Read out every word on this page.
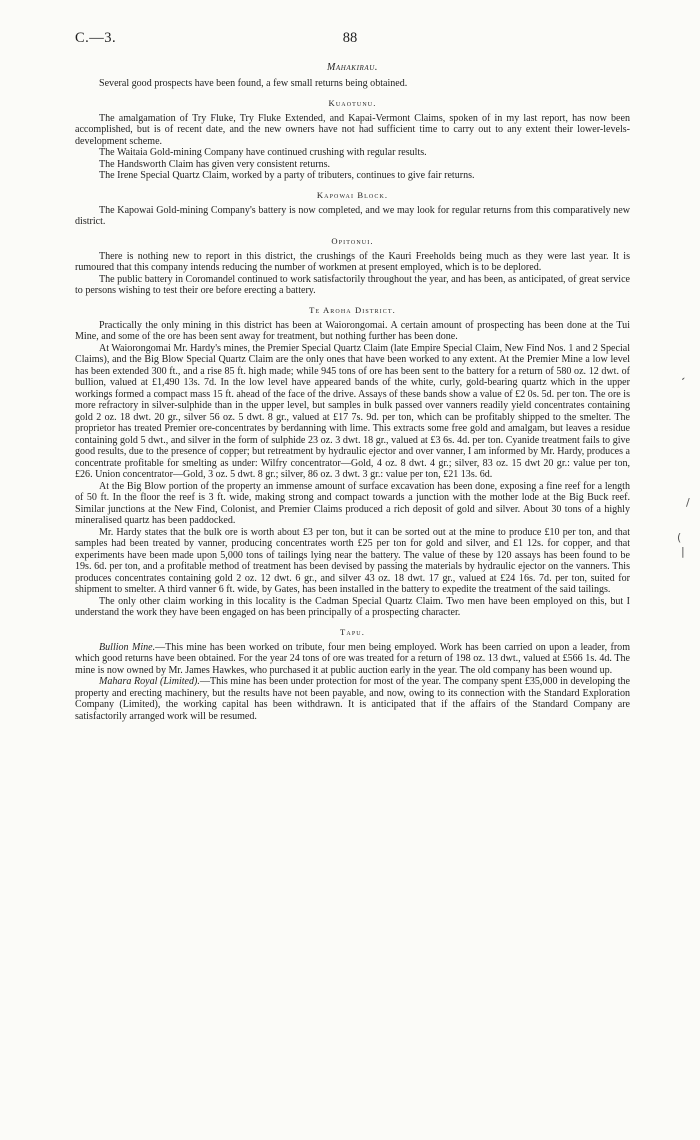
C.—3.	88
Mahakirau.

Several good prospects have been found, a few small returns being obtained.

Kuaotunu.

The amalgamation of Try Fluke, Try Fluke Extended, and Kapai-Vermont Claims, spoken of in my last report, has now been accomplished, but is of recent date, and the new owners have not had sufficient time to carry out to any extent their lower-levels-development scheme.

The Waitaia Gold-mining Company have continued crushing with regular results.

The Handsworth Claim has given very consistent returns.

The Irene Special Quartz Claim, worked by a party of tributers, continues to give fair returns.

Kapowai Block.

The Kapowai Gold-mining Company's battery is now completed, and we may look for regular returns from this comparatively new district.

Opitonui.

There is nothing new to report in this district, the crushings of the Kauri Freeholds being much as they were last year. It is rumoured that this company intends reducing the number of workmen at present employed, which is to be deplored.

The public battery in Coromandel continued to work satisfactorily throughout the year, and has been, as anticipated, of great service to persons wishing to test their ore before erecting a battery.

Te Aroha District.

Practically the only mining in this district has been at Waiorongomai. A certain amount of prospecting has been done at the Tui Mine, and some of the ore has been sent away for treatment, but nothing further has been done.

At Waiorongomai Mr. Hardy's mines, the Premier Special Quartz Claim (late Empire Special Claim, New Find Nos. 1 and 2 Special Claims), and the Big Blow Special Quartz Claim are the only ones that have been worked to any extent. At the Premier Mine a low level has been extended 300 ft., and a rise 85 ft. high made; while 945 tons of ore has been sent to the battery for a return of 580 oz. 12 dwt. of bullion, valued at £1,490 13s. 7d. In the low level have appeared bands of the white, curly, gold-bearing quartz which in the upper workings formed a compact mass 15 ft. ahead of the face of the drive. Assays of these bands show a value of £2 0s. 5d. per ton. The ore is more refractory in silver-sulphide than in the upper level, but samples in bulk passed over vanners readily yield concentrates containing gold 2 oz. 18 dwt. 20 gr., silver 56 oz. 5 dwt. 8 gr., valued at £17 7s. 9d. per ton, which can be profitably shipped to the smelter. The proprietor has treated Premier ore-concentrates by berdanning with lime. This extracts some free gold and amalgam, but leaves a residue containing gold 5 dwt., and silver in the form of sulphide 23 oz. 3 dwt. 18 gr., valued at £3 6s. 4d. per ton. Cyanide treatment fails to give good results, due to the presence of copper; but retreatment by hydraulic ejector and over vanner, I am informed by Mr. Hardy, produces a concentrate profitable for smelting as under: Wilfry concentrator—Gold, 4 oz. 8 dwt. 4 gr.; silver, 83 oz. 15 dwt 20 gr.: value per ton, £26. Union concentrator—Gold, 3 oz. 5 dwt. 8 gr.; silver, 86 oz. 3 dwt. 3 gr.: value per ton, £21 13s. 6d.

At the Big Blow portion of the property an immense amount of surface excavation has been done, exposing a fine reef for a length of 50 ft. In the floor the reef is 3 ft. wide, making strong and compact towards a junction with the mother lode at the Big Buck reef. Similar junctions at the New Find, Colonist, and Premier Claims produced a rich deposit of gold and silver. About 30 tons of a highly mineralised quartz has been paddocked.

Mr. Hardy states that the bulk ore is worth about £3 per ton, but it can be sorted out at the mine to produce £10 per ton, and that samples had been treated by vanner, producing concentrates worth £25 per ton for gold and silver, and £1 12s. for copper, and that experiments have been made upon 5,000 tons of tailings lying near the battery. The value of these by 120 assays has been found to be 19s. 6d. per ton, and a profitable method of treatment has been devised by passing the materials by hydraulic ejector on the vanners. This produces concentrates containing gold 2 oz. 12 dwt. 6 gr., and silver 43 oz. 18 dwt. 17 gr., valued at £24 16s. 7d. per ton, suited for shipment to smelter. A third vanner 6 ft. wide, by Gates, has been installed in the battery to expedite the treatment of the said tailings.

The only other claim working in this locality is the Cadman Special Quartz Claim. Two men have been employed on this, but I understand the work they have been engaged on has been principally of a prospecting character.

Tapu.

Bullion Mine.—This mine has been worked on tribute, four men being employed. Work has been carried on upon a leader, from which good returns have been obtained. For the year 24 tons of ore was treated for a return of 198 oz. 13 dwt., valued at £566 1s. 4d. The mine is now owned by Mr. James Hawkes, who purchased it at public auction early in the year. The old company has been wound up.

Mahara Royal (Limited).—This mine has been under protection for most of the year. The company spent £35,000 in developing the property and erecting machinery, but the results have not been payable, and now, owing to its connection with the Standard Exploration Company (Limited), the working capital has been withdrawn. It is anticipated that if the affairs of the Standard Company are satisfactorily arranged work will be resumed.

‘
/
(
|
